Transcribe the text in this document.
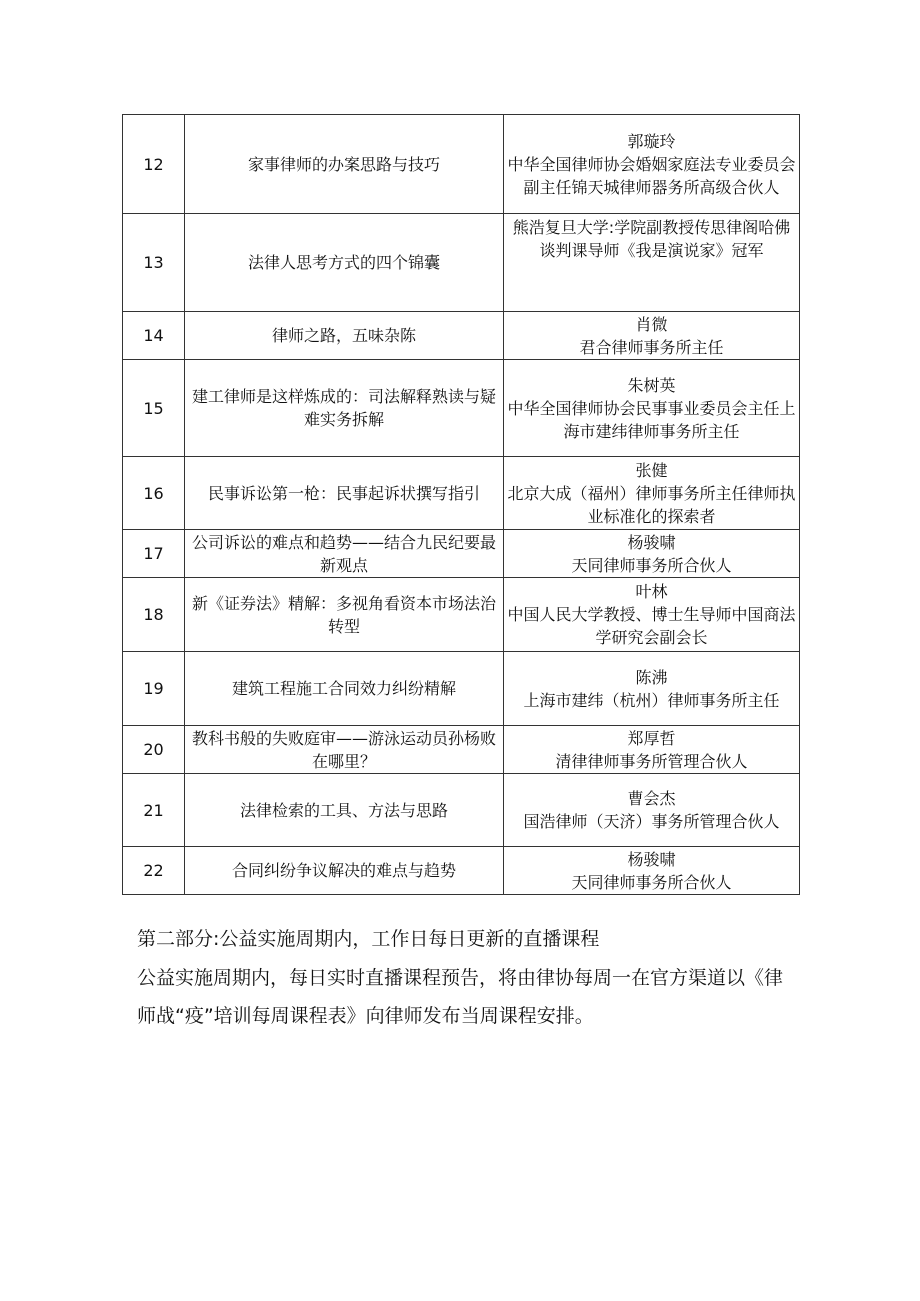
12	家事律师的办案思路与技巧	郭璇玲
中华全国律师协会婚姻家庭法专业委员会副主任锦天城律师器务所高级合伙人

13	法律人思考方式的四个锦囊	熊浩复旦大学:学院副教授传思律阁哈佛谈判课导师《我是演说家》冠军

14	律师之路，五味杂陈	肖微
君合律师事务所主任

15	建工律师是这样炼成的：司法解释熟读与疑难实务拆解	朱树英
中华全国律师协会民事事业委员会主任上海市建纬律师事务所主任

16	民事诉讼第一枪：民事起诉状撰写指引	张健
北京大成（福州）律师事务所主任律师执业标准化的探索者

17	公司诉讼的难点和趋势——结合九民纪要最新观点	杨骏啸
天同律师事务所合伙人

18	新《证券法》精解：多视角看资本市场法治转型	叶林
中国人民大学教授、博士生导师中国商法学研究会副会长

19	建筑工程施工合同效力纠纷精解	陈沸
上海市建纬（杭州）律师事务所主任

20	教科书般的失败庭审——游泳运动员孙杨败在哪里？	郑厚哲
清律律师事务所管理合伙人

21	法律检索的工具、方法与思路	曹会杰
国浩律师（天济）事务所管理合伙人

22	合同纠纷争议解决的难点与趋势	杨骏啸
天同律师事务所合伙人
第二部分:公益实施周期内，工作日每日更新的直播课程
公益实施周期内，每日实时直播课程预告，将由律协每周一在官方渠道以《律师战“疫”培训每周课程表》向律师发布当周课程安排。
